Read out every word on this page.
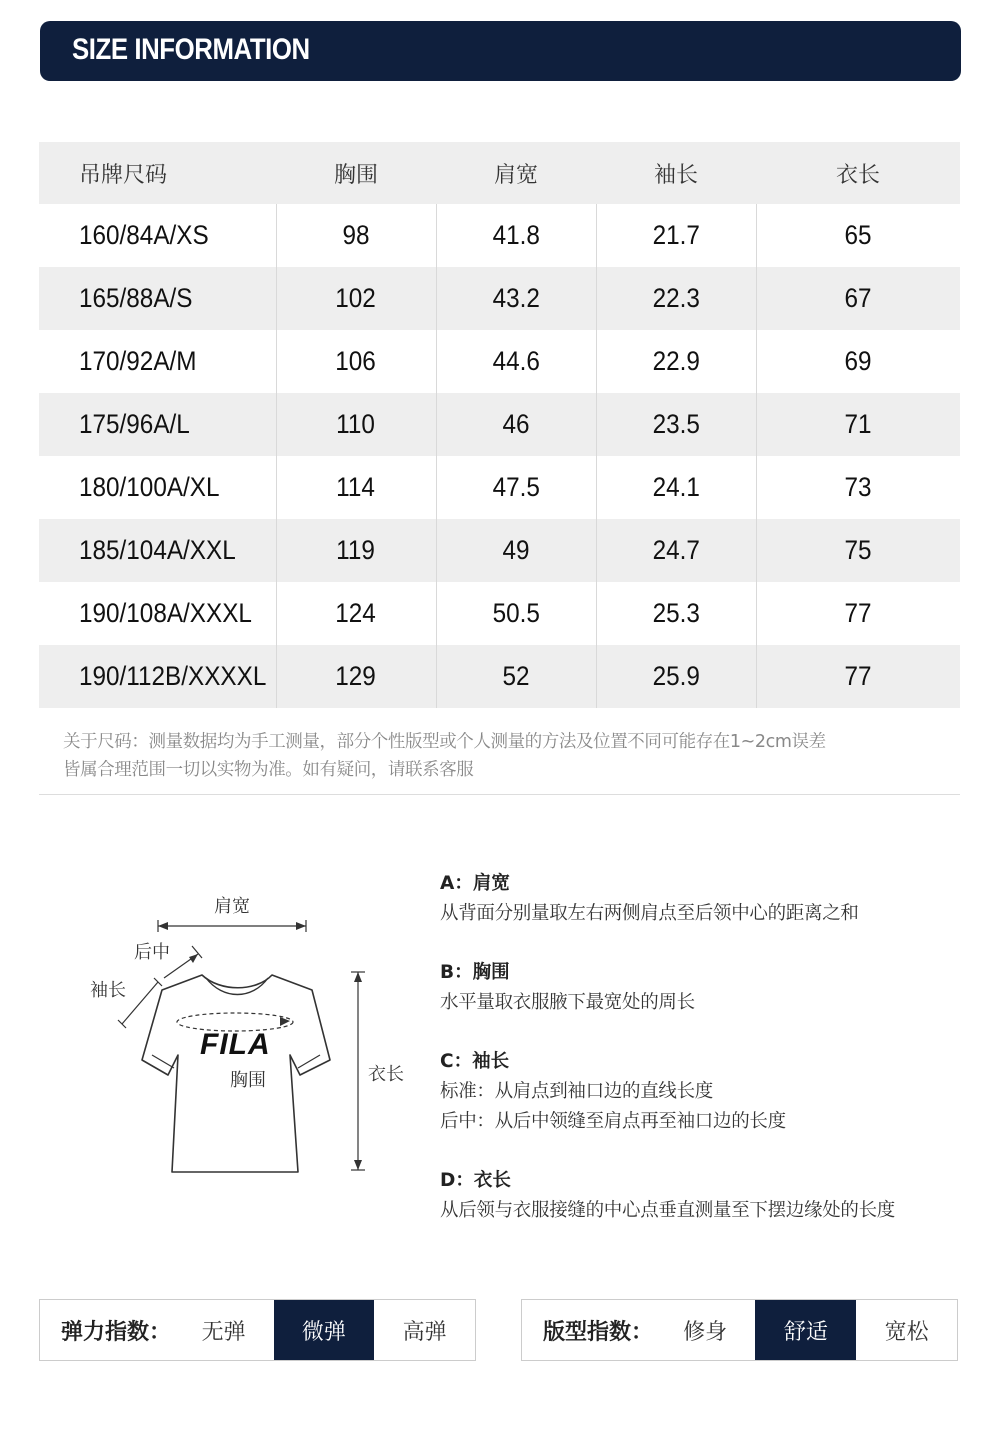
SIZE INFORMATION
吊牌尺码	胸围	肩宽	袖长	衣长
160/84A/XS	98	41.8	21.7	65
165/88A/S	102	43.2	22.3	67
170/92A/M	106	44.6	22.9	69
175/96A/L	110	46	23.5	71
180/100A/XL	114	47.5	24.1	73
185/104A/XXL	119	49	24.7	75
190/108A/XXXL	124	50.5	25.3	77
190/112B/XXXXL	129	52	25.9	77
关于尺码：测量数据均为手工测量，部分个性版型或个人测量的方法及位置不同可能存在1~2cm误差
皆属合理范围一切以实物为准。如有疑问，请联系客服
肩宽
后中
袖长
FILA
胸围	衣长
A：肩宽
从背面分别量取左右两侧肩点至后领中心的距离之和
B：胸围
水平量取衣服腋下最宽处的周长
C：袖长
标准：从肩点到袖口边的直线长度
后中：从后中领缝至肩点再至袖口边的长度
D：衣长
从后领与衣服接缝的中心点垂直测量至下摆边缘处的长度
弹力指数：	无弹	微弹	高弹	版型指数：	修身	舒适	宽松
